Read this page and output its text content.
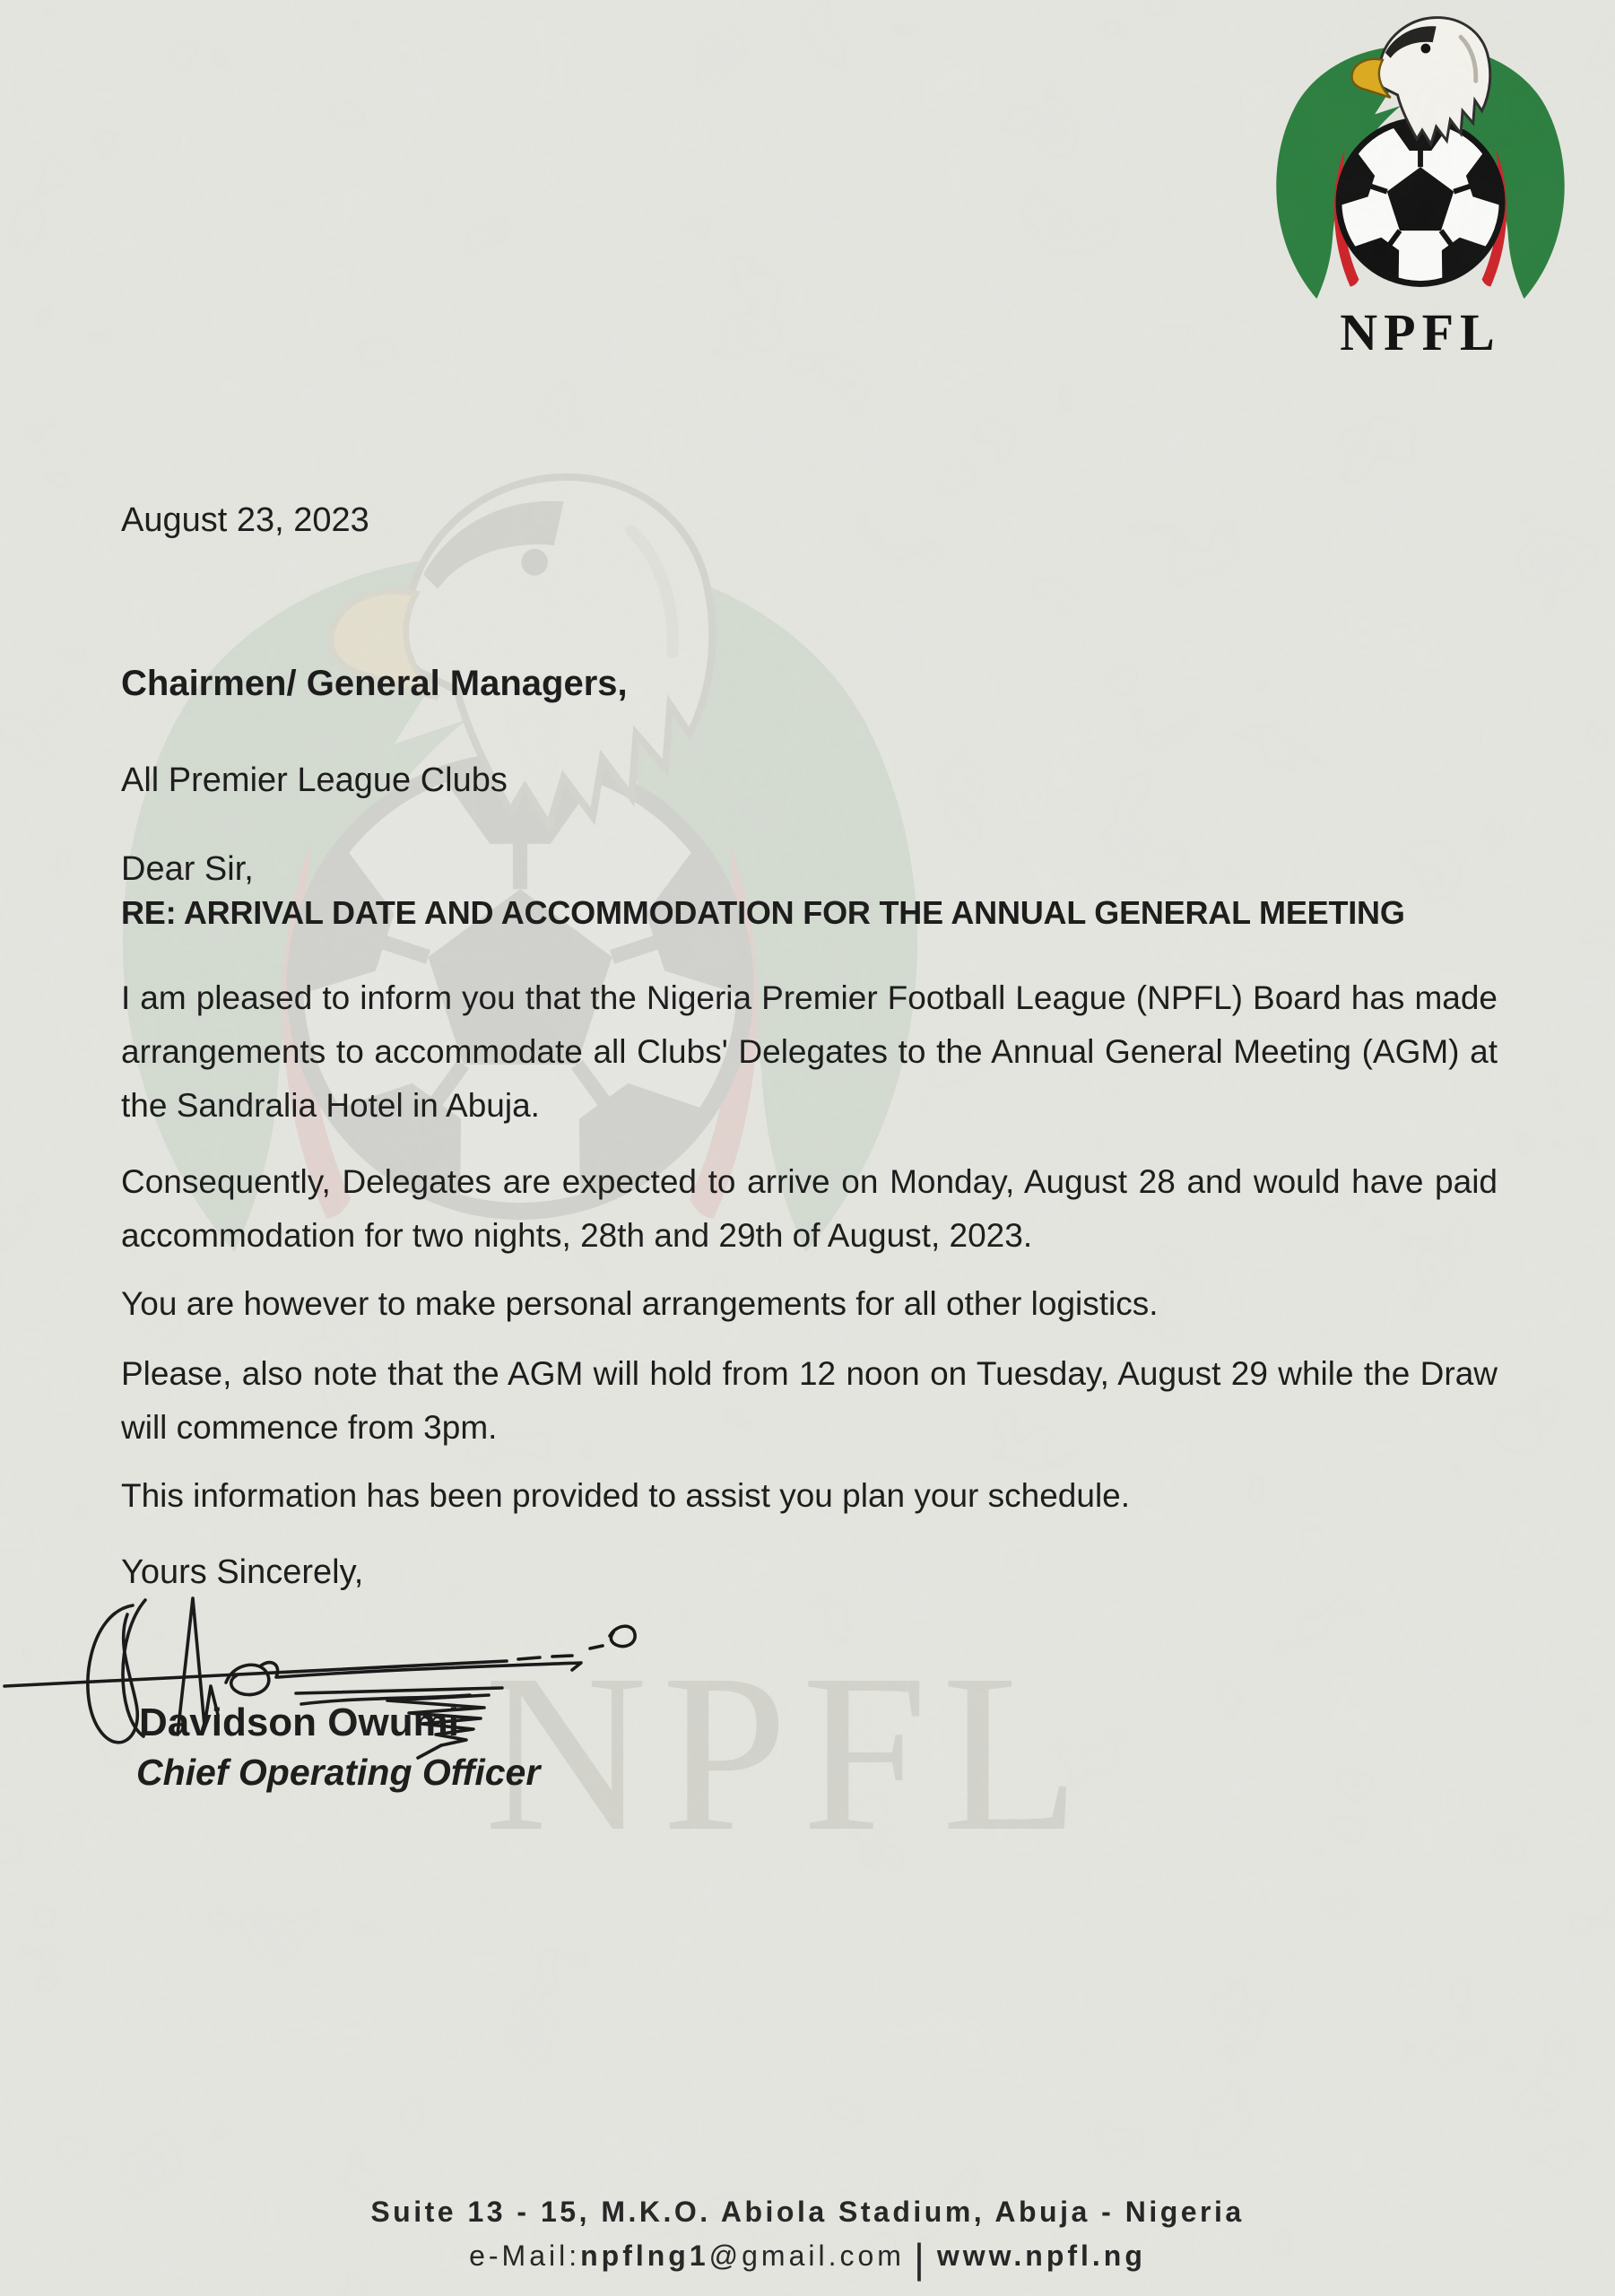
NPFL
NPFL
August 23, 2023
Chairmen/ General Managers,
All Premier League Clubs
Dear Sir,
RE: ARRIVAL DATE AND ACCOMMODATION FOR THE ANNUAL GENERAL MEETING
I am pleased to inform you that the Nigeria Premier Football League (NPFL) Board has made arrangements to accommodate all Clubs' Delegates to the Annual General Meeting (AGM) at the Sandralia Hotel in Abuja.
Consequently, Delegates are expected to arrive on Monday, August 28 and would have paid accommodation for two nights, 28th and 29th of August, 2023.
You are however to make personal arrangements for all other logistics.
Please, also note that the AGM will hold from 12 noon on Tuesday, August 29 while the Draw will commence from 3pm.
This information has been provided to assist you plan your schedule.
Yours Sincerely,
Davidson Owumi
Chief Operating Officer
Suite 13 - 15, M.K.O. Abiola Stadium, Abuja - Nigeria
e-Mail:npflng1@gmail.com | www.npfl.ng
